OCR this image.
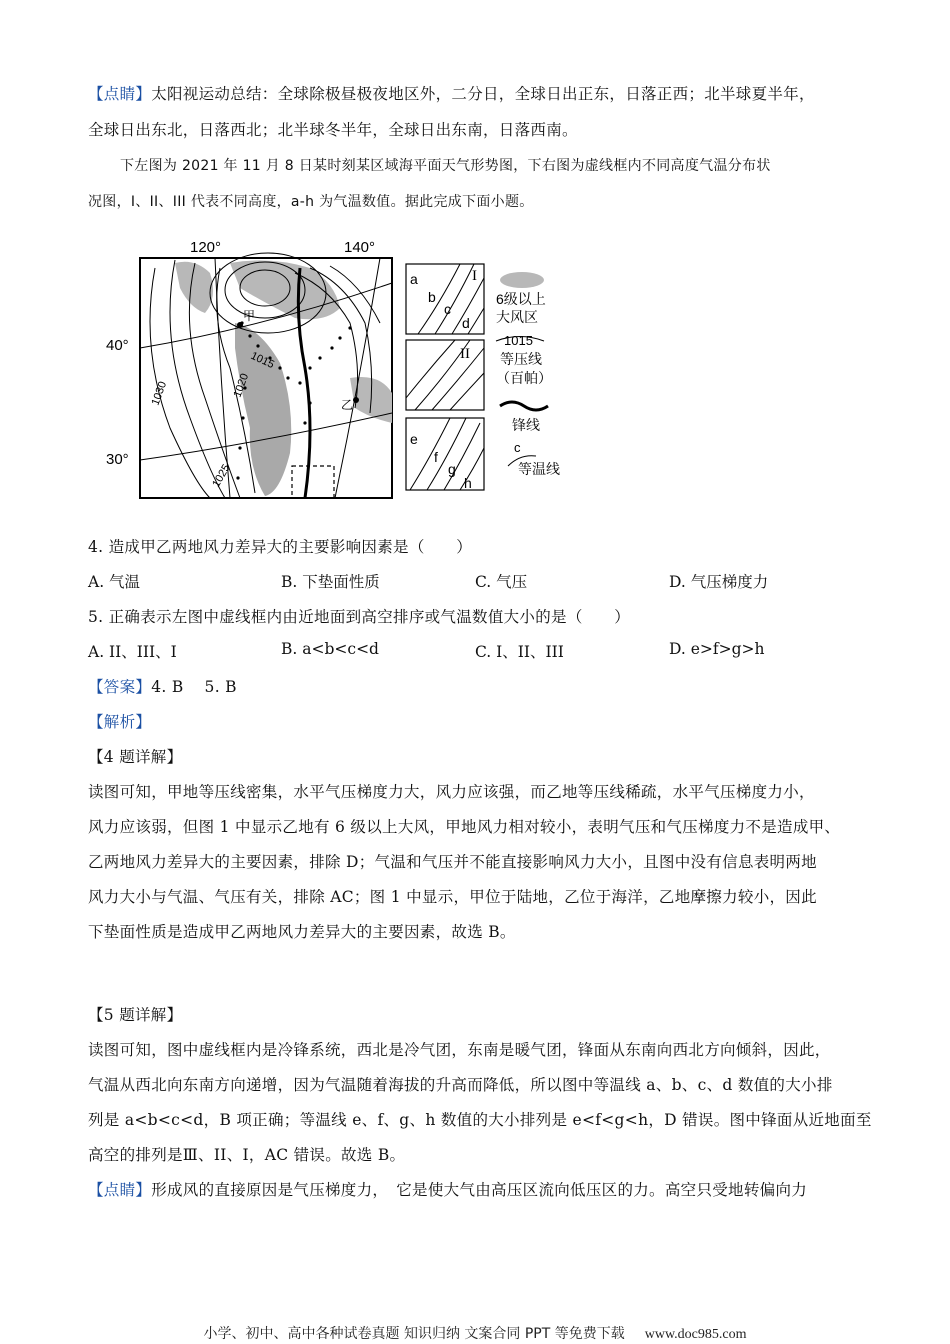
【点睛】太阳视运动总结：全球除极昼极夜地区外，二分日，全球日出正东，日落正西；北半球夏半年，
全球日出东北，日落西北；北半球冬半年，全球日出东南，日落西南。
下左图为 2021 年 11 月 8 日某时刻某区域海平面天气形势图，下右图为虚线框内不同高度气温分布状
况图，I、II、III 代表不同高度，a-h 为气温数值。据此完成下面小题。
甲
乙
1030
1025
1020
1015
120°	140°
40°
30°
a
b
c
d
I
II
e
f
g
h
6级以上
大风区
1015
等压线
（百帕）
锋线
c
等温线
4. 造成甲乙两地风力差异大的主要影响因素是（　　）
A. 气温	B. 下垫面性质	C. 气压	D. 气压梯度力
5. 正确表示左图中虚线框内由近地面到高空排序或气温数值大小的是（　　）
A. II、III、I	B. a<b<c<d	C. I、II、III	D. e>f>g>h
【答案】4. B　 5. B
【解析】
【4 题详解】
读图可知，甲地等压线密集，水平气压梯度力大，风力应该强，而乙地等压线稀疏，水平气压梯度力小，
风力应该弱，但图 1 中显示乙地有 6 级以上大风，甲地风力相对较小，表明气压和气压梯度力不是造成甲、
乙两地风力差异大的主要因素，排除 D；气温和气压并不能直接影响风力大小，且图中没有信息表明两地
风力大小与气温、气压有关，排除 AC；图 1 中显示，甲位于陆地，乙位于海洋，乙地摩擦力较小，因此
下垫面性质是造成甲乙两地风力差异大的主要因素，故选 B。
【5 题详解】
读图可知，图中虚线框内是冷锋系统，西北是冷气团，东南是暖气团，锋面从东南向西北方向倾斜，因此，
气温从西北向东南方向递增，因为气温随着海拔的升高而降低，所以图中等温线 a、b、c、d 数值的大小排
列是 a<b<c<d，B 项正确；等温线 e、f、g、h 数值的大小排列是 e<f<g<h，D 错误。图中锋面从近地面至
高空的排列是Ⅲ、II、I，AC 错误。故选 B。
【点睛】形成风的直接原因是气压梯度力，　它是使大气由高压区流向低压区的力。高空只受地转偏向力
小学、初中、高中各种试卷真题 知识归纳 文案合同 PPT 等免费下载 www.doc985.com
